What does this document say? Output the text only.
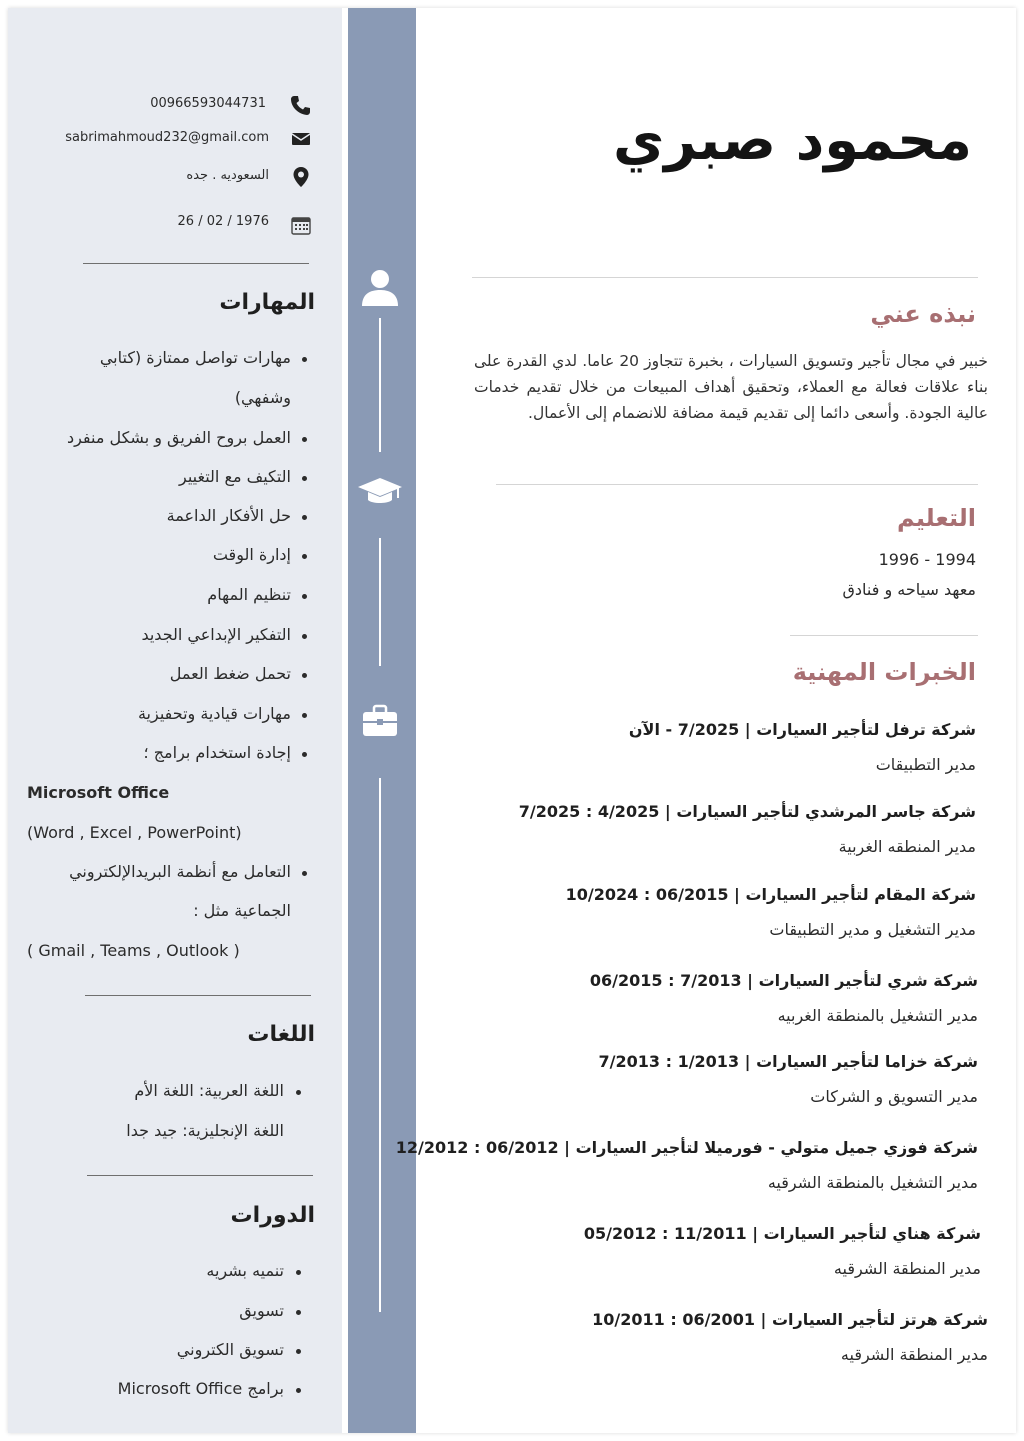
00966593044731
sabrimahmoud232@gmail.com
السعوديه . جده
26 / 02 / 1976
المهارات
مهارات تواصل ممتازة (كتابي
وشفهي)
العمل بروح الفريق و بشكل منفرد
التكيف مع التغيير
حل الأفكار الداعمة
إدارة الوقت
تنظيم المهام
التفكير الإبداعي الجديد
تحمل ضغط العمل
مهارات قيادية وتحفيزية
إجادة استخدام برامج ؛
Microsoft Office
(Word , Excel , PowerPoint)
التعامل مع أنظمة البريدالإلكتروني
الجماعية مثل :
( Gmail , Teams , Outlook )
اللغات
اللغة العربية: اللغة الأم
اللغة الإنجليزية: جيد جدا
الدورات
تنميه بشريه
تسويق
تسويق الكتروني
برامج Microsoft Office
محمود صبري
نبذه عني
خبير في مجال تأجير وتسويق السيارات ، بخبرة تتجاوز 20 عاما. لدي القدرة على بناء علاقات فعالة مع العملاء، وتحقيق أهداف المبيعات من خلال تقديم خدمات عالية الجودة. وأسعى دائما إلى تقديم قيمة مضافة للانضمام إلى الأعمال.
التعليم
1994 - 1996
معهد سياحه و فنادق
الخبرات المهنية
شركة ترفل لتأجير السيارات | 7/2025 - الآن
مدير التطبيقات
شركة جاسر المرشدي لتأجير السيارات | 4/2025 : 7/2025
مدير المنطقه الغربية
شركة المقام لتأجير السيارات | 06/2015 : 10/2024
مدير التشغيل و مدير التطبيقات
شركة شري لتأجير السيارات | 7/2013 : 06/2015
مدير التشغيل بالمنطقة الغربيه
شركة خزاما لتأجير السيارات | 1/2013 : 7/2013
مدير التسويق و الشركات
شركة فوزي جميل متولي - فورميلا لتأجير السيارات | 06/2012 : 12/2012
مدير التشغيل بالمنطقة الشرقيه
شركة هناي لتأجير السيارات | 11/2011 : 05/2012
مدير المنطقة الشرقيه
شركة هرتز لتأجير السيارات | 06/2001 : 10/2011
مدير المنطقة الشرقيه
